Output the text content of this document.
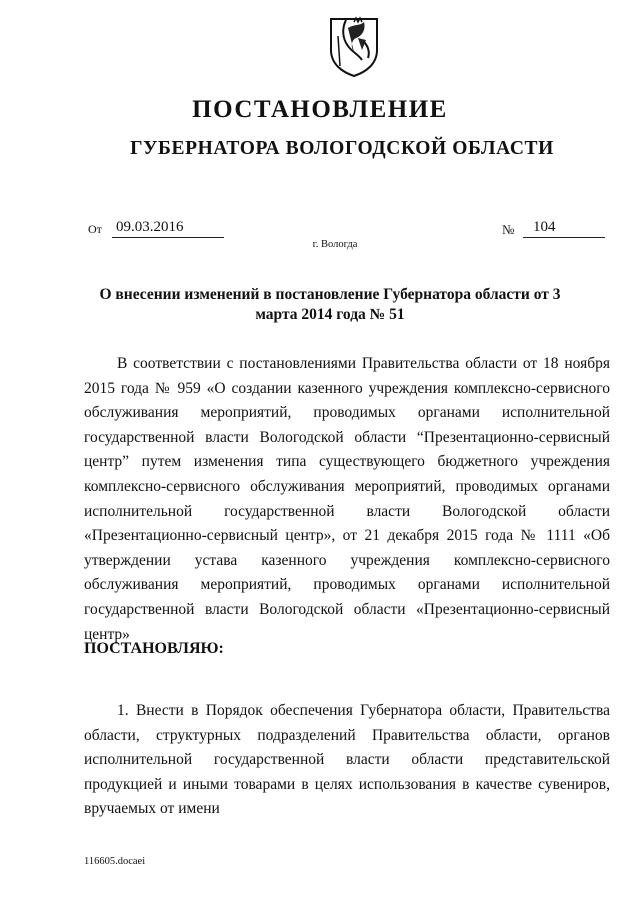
ПОСТАНОВЛЕНИЕ
ГУБЕРНАТОРА ВОЛОГОДСКОЙ ОБЛАСТИ
От 09.03.2016	№	104
г. Вологда
О внесении изменений в постановление Губернатора области от 3 марта 2014 года № 51
В соответствии с постановлениями Правительства области от 18 ноября 2015 года № 959 «О создании казенного учреждения комплексно-сервисного обслуживания мероприятий, проводимых органами исполнительной государственной власти Вологодской области “Презентационно-сервисный центр” путем изменения типа существующего бюджетного учреждения комплексно-сервисного обслуживания мероприятий, проводимых органами исполнительной государственной власти Вологодской области «Презентационно-сервисный центр», от 21 декабря 2015 года № 1111 «Об утверждении устава казенного учреждения комплексно-сервисного обслуживания мероприятий, проводимых органами исполнительной государственной власти Вологодской области «Презентационно-сервисный центр»
ПОСТАНОВЛЯЮ:
1. Внести в Порядок обеспечения Губернатора области, Правительства области, структурных подразделений Правительства области, органов исполнительной государственной власти области представительской продукцией и иными товарами в целях использования в качестве сувениров, вручаемых от имени
116605.docaei
